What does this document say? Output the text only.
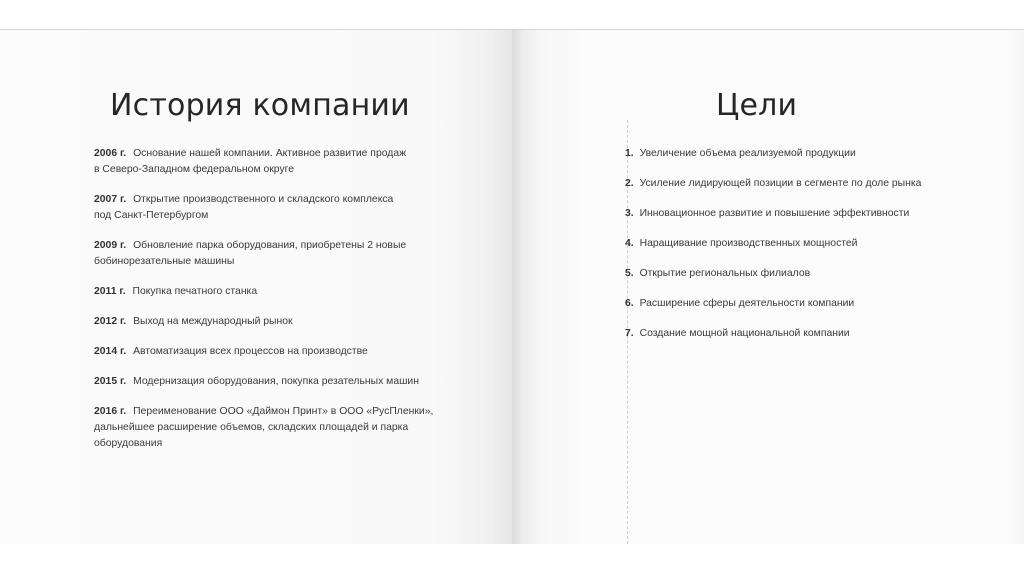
История компании
2006 г. Основание нашей компании. Активное развитие продаж
в Северо-Западном федеральном округе
2007 г. Открытие производственного и складского комплекса
под Санкт-Петербургом
2009 г. Обновление парка оборудования, приобретены 2 новые
бобинорезательные машины
2011 г. Покупка печатного станка
2012 г. Выход на международный рынок
2014 г. Автоматизация всех процессов на производстве
2015 г. Модернизация оборудования, покупка резательных машин
2016 г. Переименование ООО «Даймон Принт» в ООО «РусПленки»,
дальнейшее расширение объемов, складских площадей и парка
оборудования
Цели
1. Увеличение объема реализуемой продукции
2. Усиление лидирующей позиции в сегменте по доле рынка
3. Инновационное развитие и повышение эффективности
4. Наращивание производственных мощностей
5. Открытие региональных филиалов
6. Расширение сферы деятельности компании
7. Создание мощной национальной компании
